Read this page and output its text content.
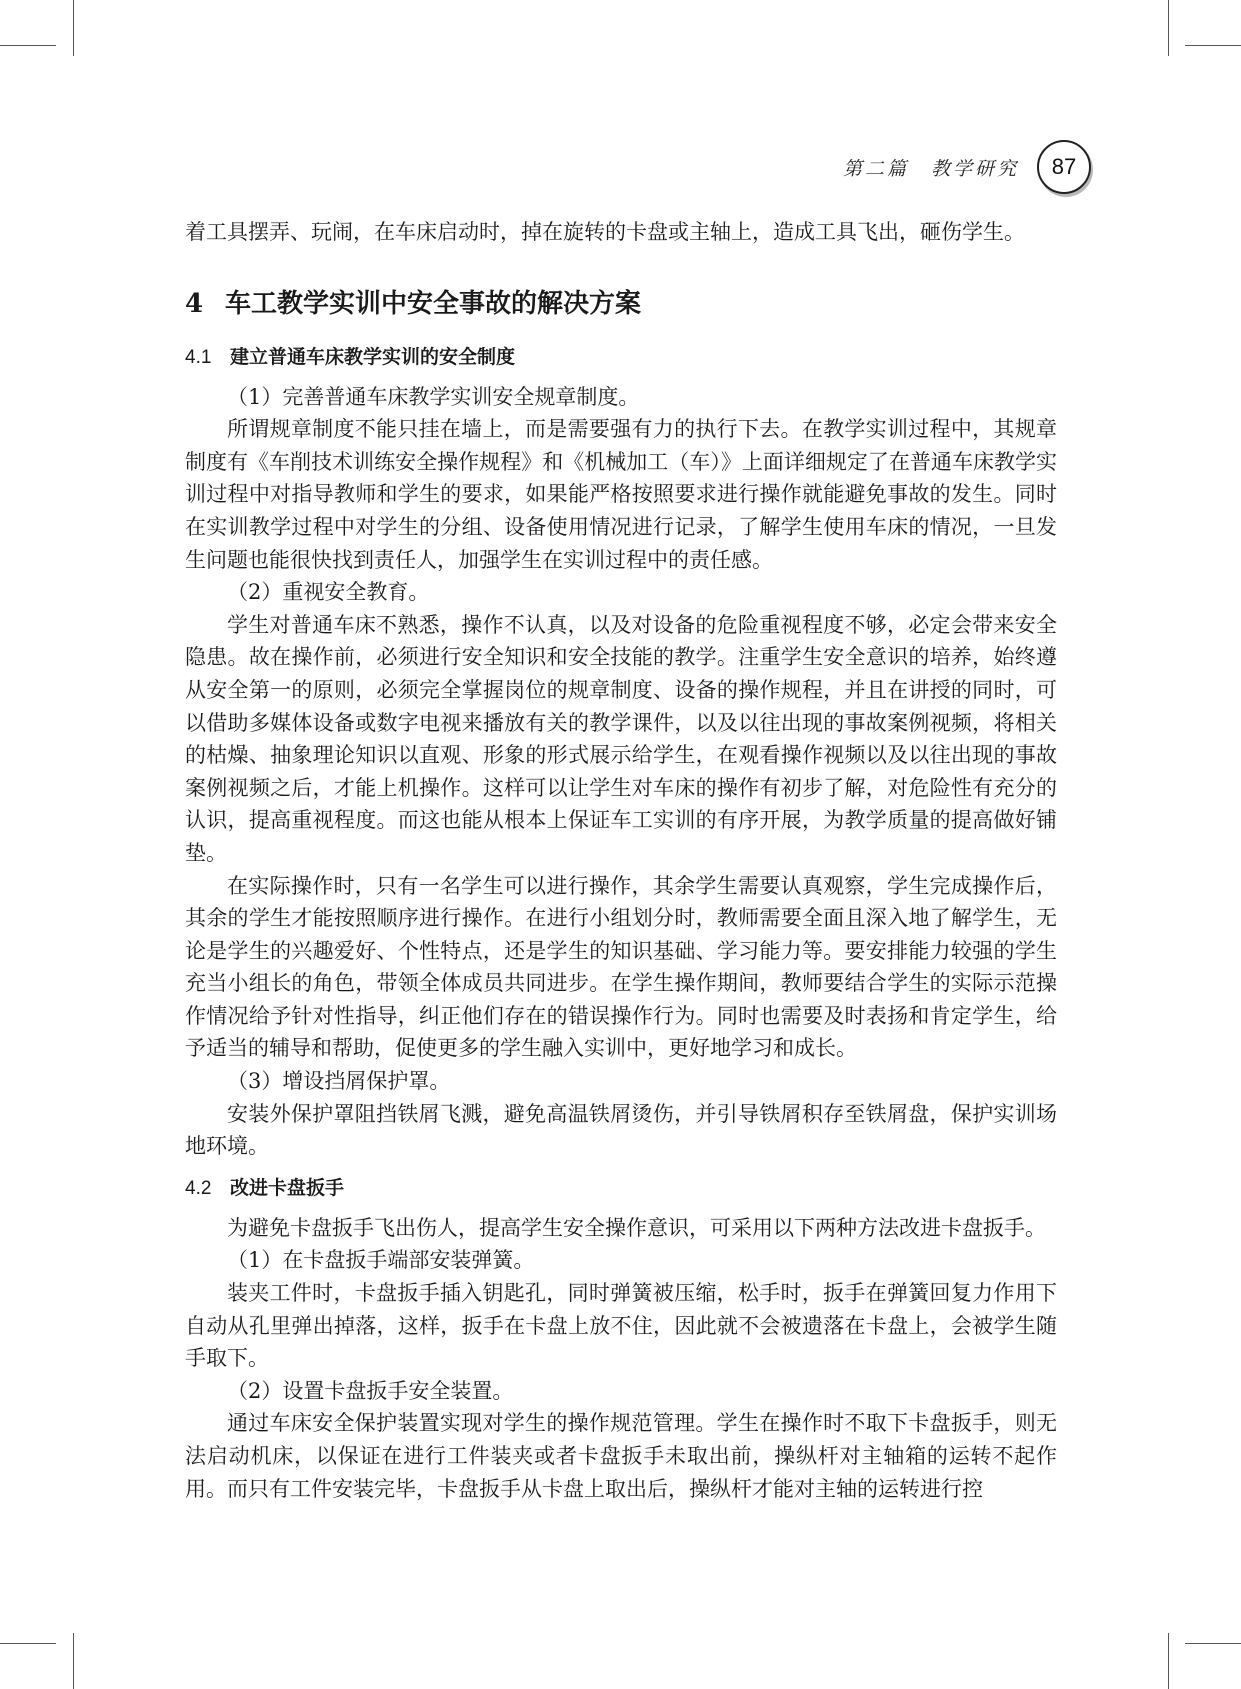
第二篇　教学研究 87

着工具摆弄、玩闹，在车床启动时，掉在旋转的卡盘或主轴上，造成工具飞出，砸伤学生。

4 车工教学实训中安全事故的解决方案
4.1 建立普通车床教学实训的安全制度

（1）完善普通车床教学实训安全规章制度。

所谓规章制度不能只挂在墙上，而是需要强有力的执行下去。在教学实训过程中，其规章制度有《车削技术训练安全操作规程》和《机械加工（车）》上面详细规定了在普通车床教学实训过程中对指导教师和学生的要求，如果能严格按照要求进行操作就能避免事故的发生。同时在实训教学过程中对学生的分组、设备使用情况进行记录，了解学生使用车床的情况，一旦发生问题也能很快找到责任人，加强学生在实训过程中的责任感。

（2）重视安全教育。

学生对普通车床不熟悉，操作不认真，以及对设备的危险重视程度不够，必定会带来安全隐患。故在操作前，必须进行安全知识和安全技能的教学。注重学生安全意识的培养，始终遵从安全第一的原则，必须完全掌握岗位的规章制度、设备的操作规程，并且在讲授的同时，可以借助多媒体设备或数字电视来播放有关的教学课件，以及以往出现的事故案例视频，将相关的枯燥、抽象理论知识以直观、形象的形式展示给学生，在观看操作视频以及以往出现的事故案例视频之后，才能上机操作。这样可以让学生对车床的操作有初步了解，对危险性有充分的认识，提高重视程度。而这也能从根本上保证车工实训的有序开展，为教学质量的提高做好铺垫。

在实际操作时，只有一名学生可以进行操作，其余学生需要认真观察，学生完成操作后，其余的学生才能按照顺序进行操作。在进行小组划分时，教师需要全面且深入地了解学生，无论是学生的兴趣爱好、个性特点，还是学生的知识基础、学习能力等。要安排能力较强的学生充当小组长的角色，带领全体成员共同进步。在学生操作期间，教师要结合学生的实际示范操作情况给予针对性指导，纠正他们存在的错误操作行为。同时也需要及时表扬和肯定学生，给予适当的辅导和帮助，促使更多的学生融入实训中，更好地学习和成长。

（3）增设挡屑保护罩。

安装外保护罩阻挡铁屑飞溅，避免高温铁屑烫伤，并引导铁屑积存至铁屑盘，保护实训场地环境。

4.2 改进卡盘扳手

为避免卡盘扳手飞出伤人，提高学生安全操作意识，可采用以下两种方法改进卡盘扳手。

（1）在卡盘扳手端部安装弹簧。

装夹工件时，卡盘扳手插入钥匙孔，同时弹簧被压缩，松手时，扳手在弹簧回复力作用下自动从孔里弹出掉落，这样，扳手在卡盘上放不住，因此就不会被遗落在卡盘上，会被学生随手取下。

（2）设置卡盘扳手安全装置。

通过车床安全保护装置实现对学生的操作规范管理。学生在操作时不取下卡盘扳手，则无法启动机床，以保证在进行工件装夹或者卡盘扳手未取出前，操纵杆对主轴箱的运转不起作用。而只有工件安装完毕，卡盘扳手从卡盘上取出后，操纵杆才能对主轴的运转进行控
